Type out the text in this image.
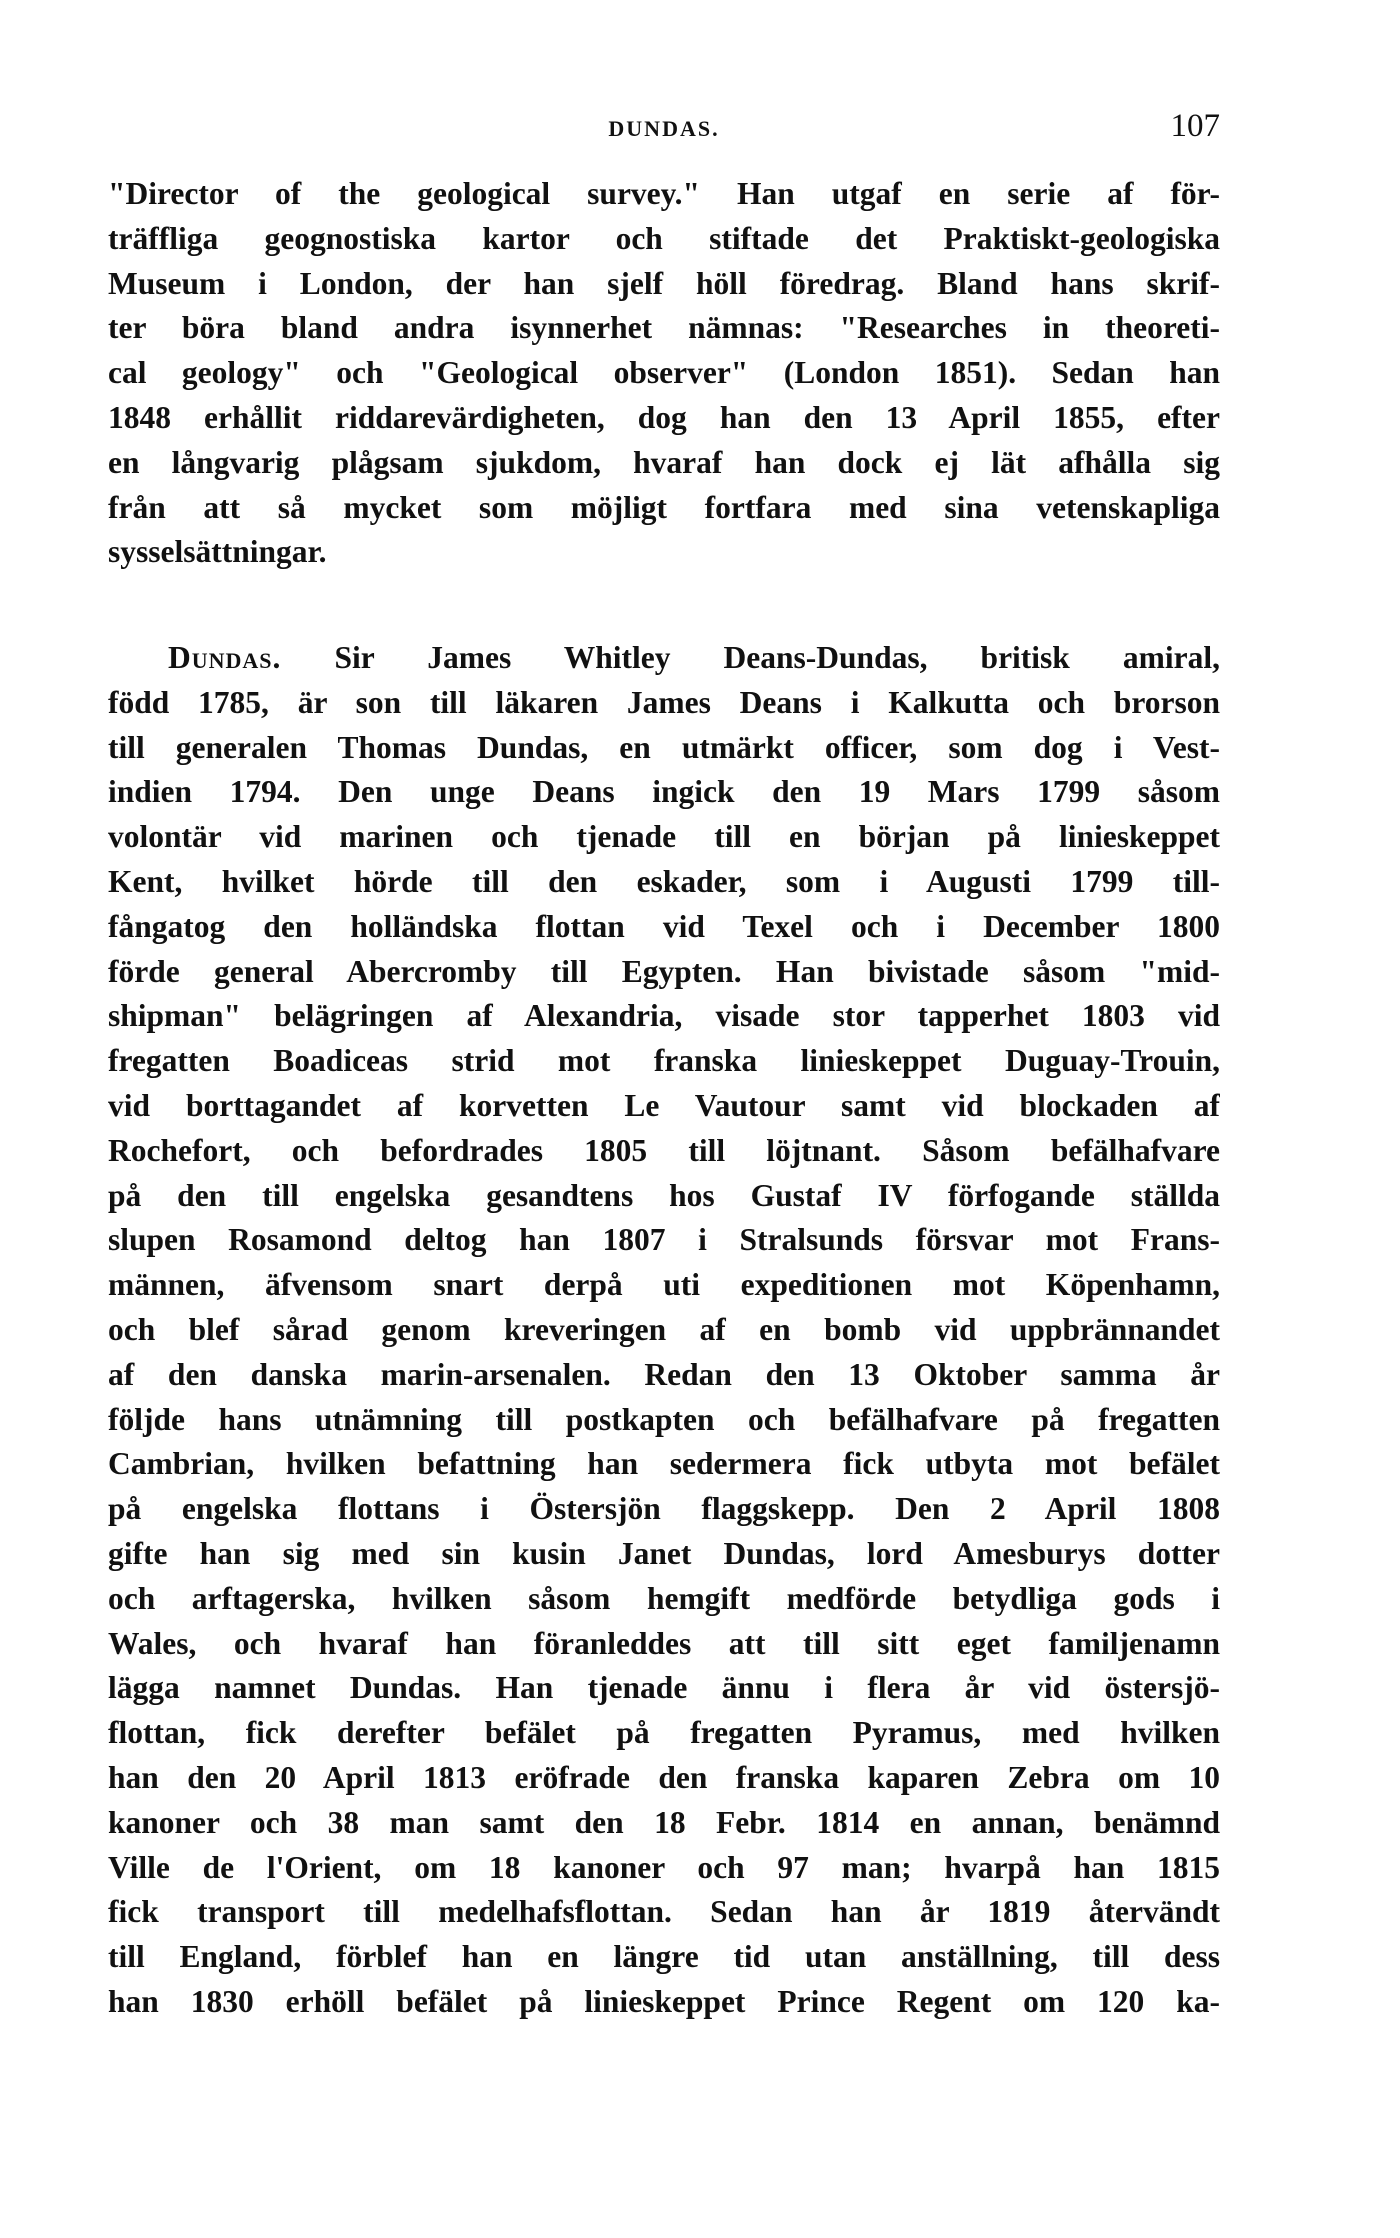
DUNDAS.	107
"Director of the geological survey." Han utgaf en serie af för-
träffliga geognostiska kartor och stiftade det Praktiskt-geologiska
Museum i London, der han sjelf höll föredrag. Bland hans skrif-
ter böra bland andra isynnerhet nämnas: "Researches in theoreti-
cal geology" och "Geological observer" (London 1851). Sedan han
1848 erhållit riddarevärdigheten, dog han den 13 April 1855, efter
en långvarig plågsam sjukdom, hvaraf han dock ej lät afhålla sig
från att så mycket som möjligt fortfara med sina vetenskapliga
sysselsättningar.
Dundas. Sir James Whitley Deans-Dundas, britisk amiral,
född 1785, är son till läkaren James Deans i Kalkutta och brorson
till generalen Thomas Dundas, en utmärkt officer, som dog i Vest-
indien 1794. Den unge Deans ingick den 19 Mars 1799 såsom
volontär vid marinen och tjenade till en början på linieskeppet
Kent, hvilket hörde till den eskader, som i Augusti 1799 till-
fångatog den holländska flottan vid Texel och i December 1800
förde general Abercromby till Egypten. Han bivistade såsom "mid-
shipman" belägringen af Alexandria, visade stor tapperhet 1803 vid
fregatten Boadiceas strid mot franska linieskeppet Duguay-Trouin,
vid borttagandet af korvetten Le Vautour samt vid blockaden af
Rochefort, och befordrades 1805 till löjtnant. Såsom befälhafvare
på den till engelska gesandtens hos Gustaf IV förfogande ställda
slupen Rosamond deltog han 1807 i Stralsunds försvar mot Frans-
männen, äfvensom snart derpå uti expeditionen mot Köpenhamn,
och blef sårad genom kreveringen af en bomb vid uppbrännandet
af den danska marin-arsenalen. Redan den 13 Oktober samma år
följde hans utnämning till postkapten och befälhafvare på fregatten
Cambrian, hvilken befattning han sedermera fick utbyta mot befälet
på engelska flottans i Östersjön flaggskepp. Den 2 April 1808
gifte han sig med sin kusin Janet Dundas, lord Amesburys dotter
och arftagerska, hvilken såsom hemgift medförde betydliga gods i
Wales, och hvaraf han föranleddes att till sitt eget familjenamn
lägga namnet Dundas. Han tjenade ännu i flera år vid östersjö-
flottan, fick derefter befälet på fregatten Pyramus, med hvilken
han den 20 April 1813 eröfrade den franska kaparen Zebra om 10
kanoner och 38 man samt den 18 Febr. 1814 en annan, benämnd
Ville de l'Orient, om 18 kanoner och 97 man; hvarpå han 1815
fick transport till medelhafsflottan. Sedan han år 1819 återvändt
till England, förblef han en längre tid utan anställning, till dess
han 1830 erhöll befälet på linieskeppet Prince Regent om 120 ka-
